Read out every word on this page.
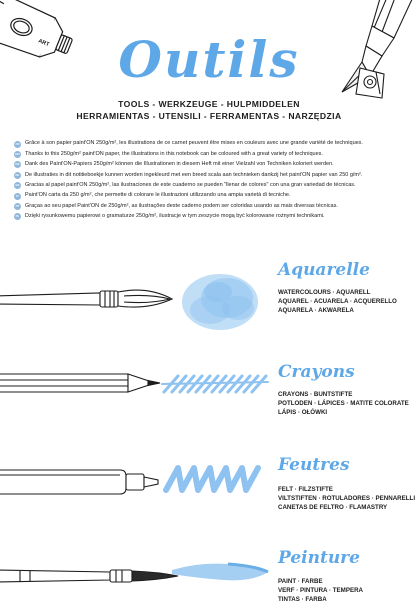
ART	Outils
TOOLS - WERKZEUGE - HULPMIDDELEN
HERRAMIENTAS - UTENSILI - FERRAMENTAS - NARZĘDZIA
FR Grâce à son papier paint'ON 250g/m², les illustrations de ce carnet peuvent être mises en couleurs avec une grande variété de techniques.
EN Thanks to this 250g/m² paint'ON paper, the illustrations in this notebook can be coloured with a great variety of techniques.
DE Dank des Paint'ON-Papiers 250g/m² können die Illustrationen in diesem Heft mit einer Vielzahl von Techniken koloriert werden.
NL De illustraties in dit notitieboekje kunnen worden ingekleurd met een breed scala aan technieken dankzij het paint'ON papier van 250 g/m².
ES Gracias al papel paint'ON 250g/m², las ilustraciones de este cuaderno se pueden "llenar de colores" con una gran variedad de técnicas.
IT	Paint'ON carta da 250 g/m², che permette di colorare le illustrazioni utilizzando una ampia varietà di tecniche.
PT Graças ao seu papel Paint'ON de 250g/m², as ilustrações deste caderno podem ser coloridas usando as mais diversas técnicas.
PL Dzięki rysunkowemu papierowi o gramaturze 250g/m², ilustracje w tym zeszycie mogą być kolorowane rożnymi technikami.
Aquarelle
WATERCOLOURS · AQUARELL
AQUAREL · ACUARELA · ACQUERELLO
AQUARELA · AKWARELA
Crayons
CRAYONS · BUNTSTIFTE
POTLODEN · LÁPICES · MATITE COLORATE
LÁPIS · OŁÓWKI
Feutres
FELT · FILZSTIFTE
VILTSTIFTEN · ROTULADORES · PENNARELLI
CANETAS DE FELTRO · FLAMASTRY
Peinture
PAINT · FARBE
VERF · PINTURA · TEMPERA
TINTAS · FARBA
